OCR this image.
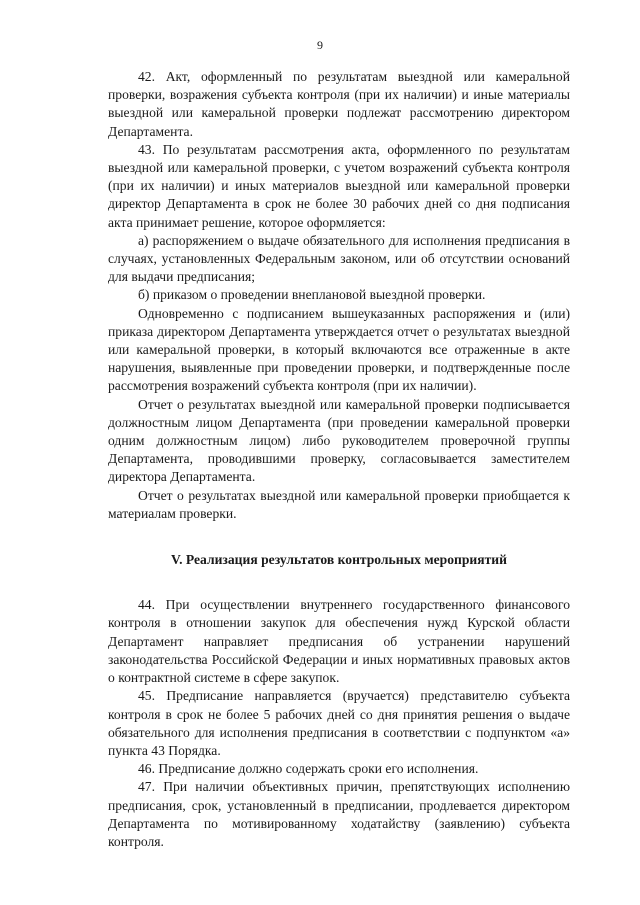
9

42. Акт, оформленный по результатам выездной или камеральной проверки, возражения субъекта контроля (при их наличии) и иные материалы выездной или камеральной проверки подлежат рассмотрению директором Департамента.

43. По результатам рассмотрения акта, оформленного по результатам выездной или камеральной проверки, с учетом возражений субъекта контроля (при их наличии) и иных материалов выездной или камеральной проверки директор Департамента в срок не более 30 рабочих дней со дня подписания акта принимает решение, которое оформляется:

а) распоряжением о выдаче обязательного для исполнения предписания в случаях, установленных Федеральным законом, или об отсутствии оснований для выдачи предписания;

б) приказом о проведении внеплановой выездной проверки.

Одновременно с подписанием вышеуказанных распоряжения и (или) приказа директором Департамента утверждается отчет о результатах выездной или камеральной проверки, в который включаются все отраженные в акте нарушения, выявленные при проведении проверки, и подтвержденные после рассмотрения возражений субъекта контроля (при их наличии).

Отчет о результатах выездной или камеральной проверки подписывается должностным лицом Департамента (при проведении камеральной проверки одним должностным лицом) либо руководителем проверочной группы Департамента, проводившими проверку, согласовывается заместителем директора Департамента.

Отчет о результатах выездной или камеральной проверки приобщается к материалам проверки.

V. Реализация результатов контрольных мероприятий

44. При осуществлении внутреннего государственного финансового контроля в отношении закупок для обеспечения нужд Курской области Департамент направляет предписания об устранении нарушений законодательства Российской Федерации и иных нормативных правовых актов о контрактной системе в сфере закупок.

45. Предписание направляется (вручается) представителю субъекта контроля в срок не более 5 рабочих дней со дня принятия решения о выдаче обязательного для исполнения предписания в соответствии с подпунктом «а» пункта 43 Порядка.

46. Предписание должно содержать сроки его исполнения.

47. При наличии объективных причин, препятствующих исполнению предписания, срок, установленный в предписании, продлевается директором Департамента по мотивированному ходатайству (заявлению) субъекта контроля.
